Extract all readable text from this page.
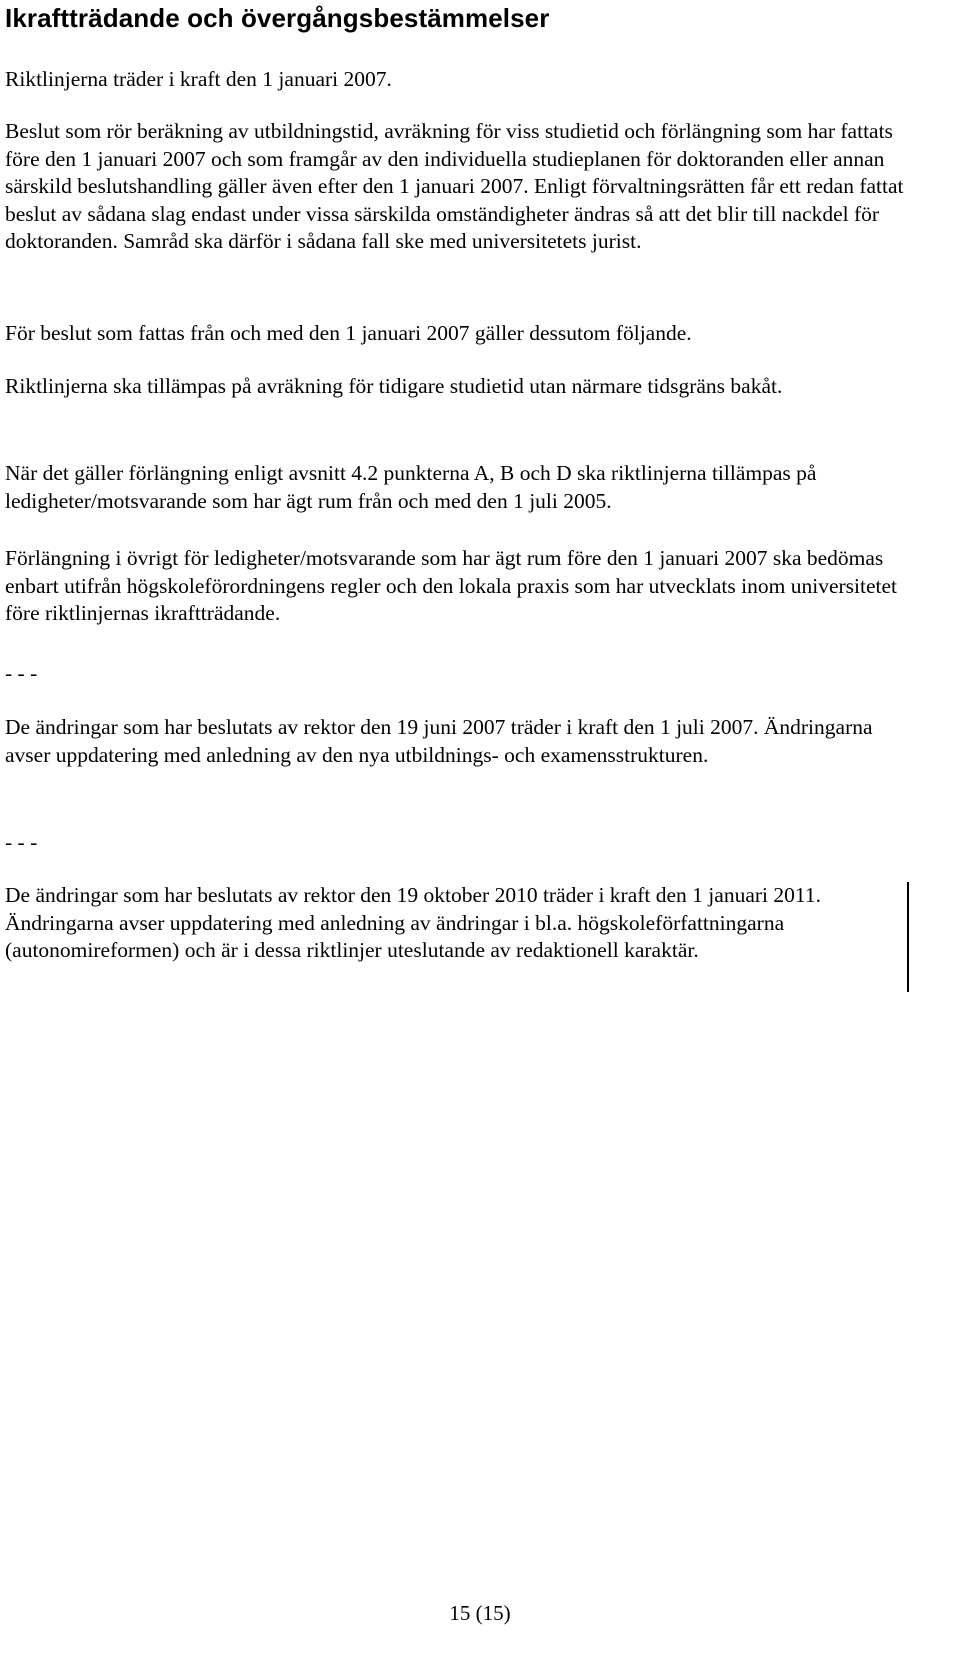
Ikraftträdande och övergångsbestämmelser

Riktlinjerna träder i kraft den 1 januari 2007.

Beslut som rör beräkning av utbildningstid, avräkning för viss studietid och förlängning som har fattats före den 1 januari 2007 och som framgår av den individuella studieplanen för doktoranden eller annan särskild beslutshandling gäller även efter den 1 januari 2007. Enligt förvaltningsrätten får ett redan fattat beslut av sådana slag endast under vissa särskilda omständigheter ändras så att det blir till nackdel för doktoranden. Samråd ska därför i sådana fall ske med universitetets jurist.

För beslut som fattas från och med den 1 januari 2007 gäller dessutom följande.

Riktlinjerna ska tillämpas på avräkning för tidigare studietid utan närmare tidsgräns bakåt.

När det gäller förlängning enligt avsnitt 4.2 punkterna A, B och D ska riktlinjerna tillämpas på ledigheter/motsvarande som har ägt rum från och med den 1 juli 2005.

Förlängning i övrigt för ledigheter/motsvarande som har ägt rum före den 1 januari 2007 ska bedömas enbart utifrån högskoleförordningens regler och den lokala praxis som har utvecklats inom universitetet före riktlinjernas ikraftträdande.

- - -

De ändringar som har beslutats av rektor den 19 juni 2007 träder i kraft den 1 juli 2007. Ändringarna avser uppdatering med anledning av den nya utbildnings- och examensstrukturen.

- - -

De ändringar som har beslutats av rektor den 19 oktober 2010 träder i kraft den 1 januari 2011. Ändringarna avser uppdatering med anledning av ändringar i bl.a. högskoleförfattningarna (autonomireformen) och är i dessa riktlinjer uteslutande av redaktionell karaktär.

15 (15)
